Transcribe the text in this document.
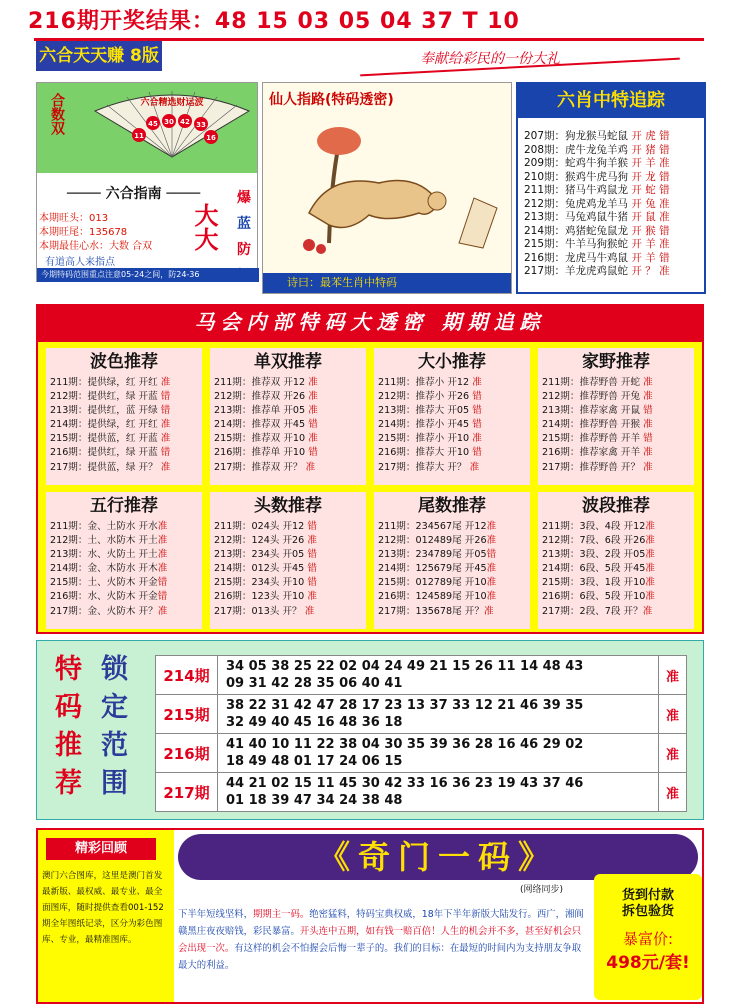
216期开奖结果：48 15 03 05 04 37 T 10
六合天天赚 8版	奉献给彩民的一份大礼
合数双	六合精选财运波
11
45 30 42 33
16
──── 六合指南 ────
本期旺头：013
本期旺尾：135678
本期最佳心水：大数 合双
有道高人来指点
大大
爆
蓝
防
今期特码范围重点注意05-24之间，防24-36
仙人指路(特码透密)
诗曰：最苯生肖中特码
六肖中特追踪
207期：狗龙猴马蛇鼠 开 虎 错
208期：虎牛龙兔羊鸡 开 猪 错
209期：蛇鸡牛狗羊猴 开 羊 准
210期：猴鸡牛虎马狗 开 龙 错
211期：猪马牛鸡鼠龙 开 蛇 错
212期：兔虎鸡龙羊马 开 兔 准
213期：马兔鸡鼠牛猪 开 鼠 准
214期：鸡猪蛇兔鼠龙 开 猴 错
215期：牛羊马狗猴蛇 开 羊 准
216期：龙虎马牛鸡鼠 开 羊 错
217期：羊龙虎鸡鼠蛇 开 ？ 准
马会内部特码大透密 期期追踪
波色推荐
211期：提供绿，红 开红 准
212期：提供红，绿 开蓝 错
213期：提供红，蓝 开绿 错
214期：提供绿，红 开红 准
215期：提供蓝，红 开蓝 准
216期：提供红，绿 开蓝 错
217期：提供蓝，绿 开？ 准
单双推荐
211期：推荐双 开12 准
212期：推荐双 开26 准
213期：推荐单 开05 准
214期：推荐双 开45 错
215期：推荐双 开10 准
216期：推荐单 开10 错
217期：推荐双 开？ 准
大小推荐
211期：推荐小 开12 准
212期：推荐小 开26 错
213期：推荐大 开05 错
214期：推荐小 开45 错
215期：推荐小 开10 准
216期：推荐大 开10 错
217期：推荐大 开？ 准
家野推荐
211期：推荐野兽 开蛇 准
212期：推荐野兽 开兔 准
213期：推荐家禽 开鼠 错
214期：推荐野兽 开猴 准
215期：推荐野兽 开羊 错
216期：推荐家禽 开羊 准
217期：推荐野兽 开？ 准
五行推荐
211期：金、土防水 开水准
212期：土、水防木 开土准
213期：水、火防土 开土准
214期：金、木防水 开木准
215期：土、火防木 开金错
216期：水、火防木 开金错
217期：金、火防木 开？准
头数推荐
211期：024头 开12 错
212期：124头 开26 准
213期：234头 开05 错
214期：012头 开45 错
215期：234头 开10 错
216期：123头 开10 准
217期：013头 开？ 准
尾数推荐
211期：234567尾 开12准
212期：012489尾 开26准
213期：234789尾 开05错
214期：125679尾 开45准
215期：012789尾 开10准
216期：124589尾 开10准
217期：135678尾 开？准
波段推荐
211期：3段、4段 开12准
212期：7段、6段 开26准
213期：3段、2段 开05准
214期：6段、5段 开45准
215期：3段、1段 开10准
216期：6段、5段 开10准
217期：2段、7段 开？准
特
码
推
荐
锁
定
范
围
214期	34 05 38 25 22 02 04 24 49 21 15 26 11 14 48 43
09 31 42 28 35 06 40 41	准
215期	38 22 31 42 47 28 17 23 13 37 33 12 21 46 39 35
32 49 40 45 16 48 36 18	准
216期	41 40 10 11 22 38 04 30 35 39 36 28 16 46 29 02
18 49 48 01 17 24 06 15	准
217期	44 21 02 15 11 45 30 42 33 16 36 23 19 43 37 46
01 18 39 47 34 24 38 48	准
精彩回顾
澳门六合图库，这里是澳门首发最新版、最权威、最专业、最全面图库，随时提供查看001-152期全年图纸记录，区分为彩色图库、专业，最精准图库。
《奇门一码》
(网络同步)
下半年短线坚料，期期主一码。绝密猛料，特码宝典权威，18年下半年新版大陆发行。西广，湘阆赣黑庄夜夜赔钱，彩民暴富。开头连中五期，如有钱一赔百倍！人生的机会并不多，甚至好机会只会出现一次。有这样的机会不怕握会后悔一辈子的。我们的目标：在最短的时间内为支持朋友争取最大的利益。
货到付款
拆包验货
暴富价:
498元/套!
